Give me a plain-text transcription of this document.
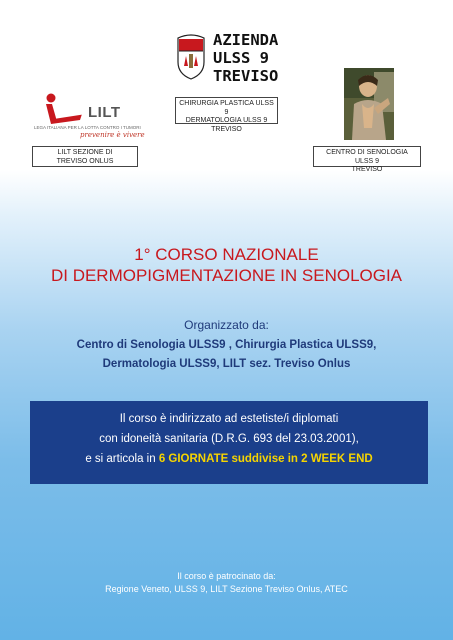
LILT
LEGA ITALIANA PER LA LOTTA CONTRO I TUMORI
prevenire è vivere
LILT SEZIONE DI
TREVISO ONLUS
AZIENDA
ULSS 9
TREVISO
CHIRURGIA PLASTICA ULSS 9
DERMATOLOGIA ULSS 9
TREVISO
CENTRO DI SENOLOGIA ULSS 9
TREVISO
1° CORSO NAZIONALE
DI DERMOPIGMENTAZIONE IN SENOLOGIA
Organizzato da:
Centro di Senologia ULSS9 , Chirurgia Plastica ULSS9,
Dermatologia ULSS9, LILT sez. Treviso Onlus
Il corso è indirizzato ad estetiste/i diplomati
con idoneità sanitaria (D.R.G. 693 del 23.03.2001),
e si articola in 6 GIORNATE suddivise in 2 WEEK END
Il corso è patrocinato da:
Regione Veneto, ULSS 9, LILT Sezione Treviso Onlus, ATEC
